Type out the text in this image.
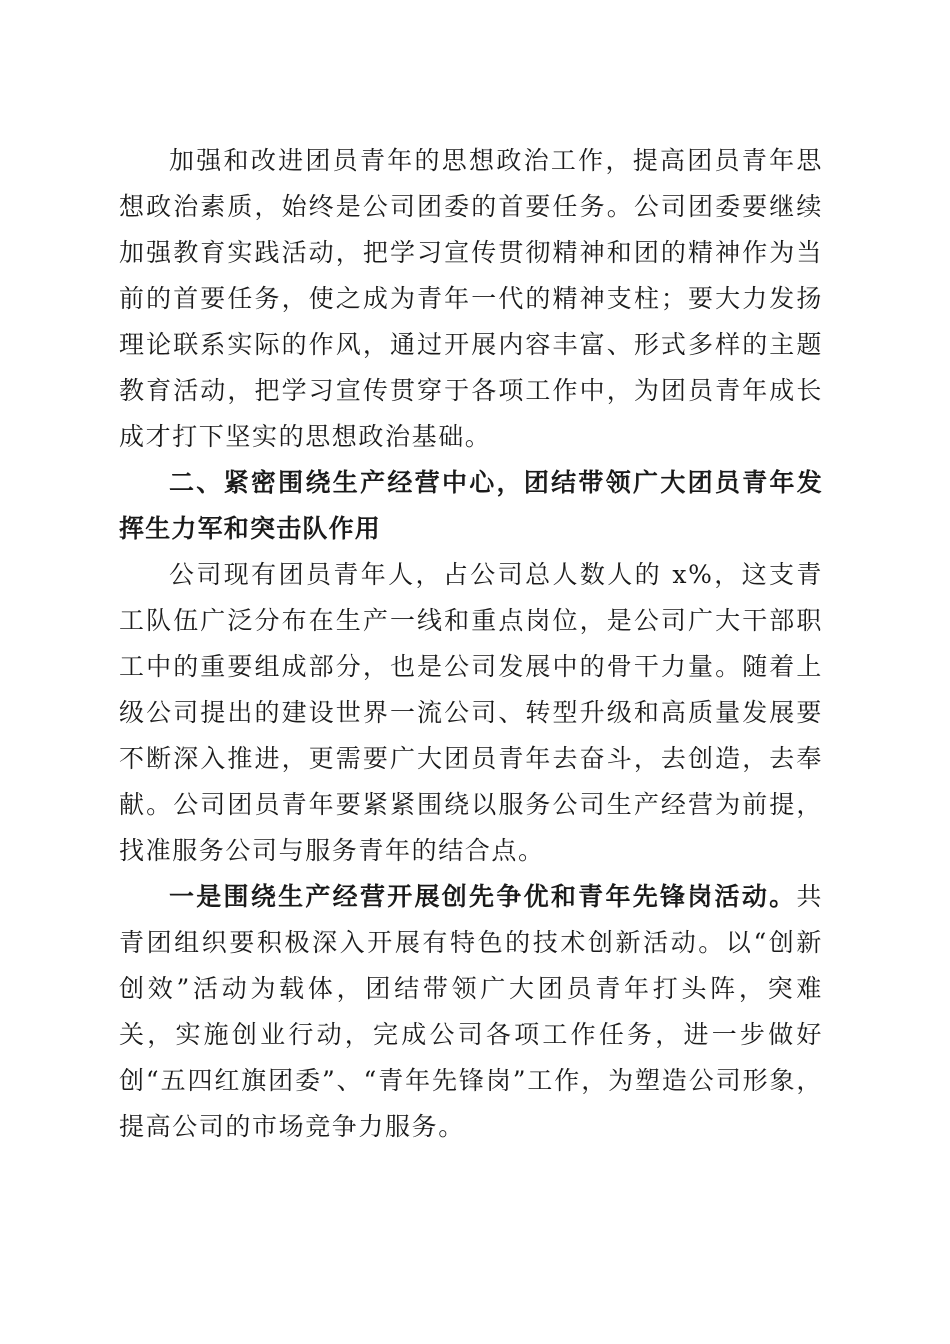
加强和改进团员青年的思想政治工作，提高团员青年思想政治素质，始终是公司团委的首要任务。公司团委要继续加强教育实践活动，把学习宣传贯彻精神和团的精神作为当前的首要任务，使之成为青年一代的精神支柱；要大力发扬理论联系实际的作风，通过开展内容丰富、形式多样的主题教育活动，把学习宣传贯穿于各项工作中，为团员青年成长成才打下坚实的思想政治基础。

二、紧密围绕生产经营中心，团结带领广大团员青年发挥生力军和突击队作用

公司现有团员青年人，占公司总人数人的 x%，这支青工队伍广泛分布在生产一线和重点岗位，是公司广大干部职工中的重要组成部分，也是公司发展中的骨干力量。随着上级公司提出的建设世界一流公司、转型升级和高质量发展要不断深入推进，更需要广大团员青年去奋斗，去创造，去奉献。公司团员青年要紧紧围绕以服务公司生产经营为前提，找准服务公司与服务青年的结合点。

一是围绕生产经营开展创先争优和青年先锋岗活动。共青团组织要积极深入开展有特色的技术创新活动。以“创新创效”活动为载体，团结带领广大团员青年打头阵，突难关，实施创业行动，完成公司各项工作任务，进一步做好创“五四红旗团委”、“青年先锋岗”工作，为塑造公司形象，提高公司的市场竞争力服务。
